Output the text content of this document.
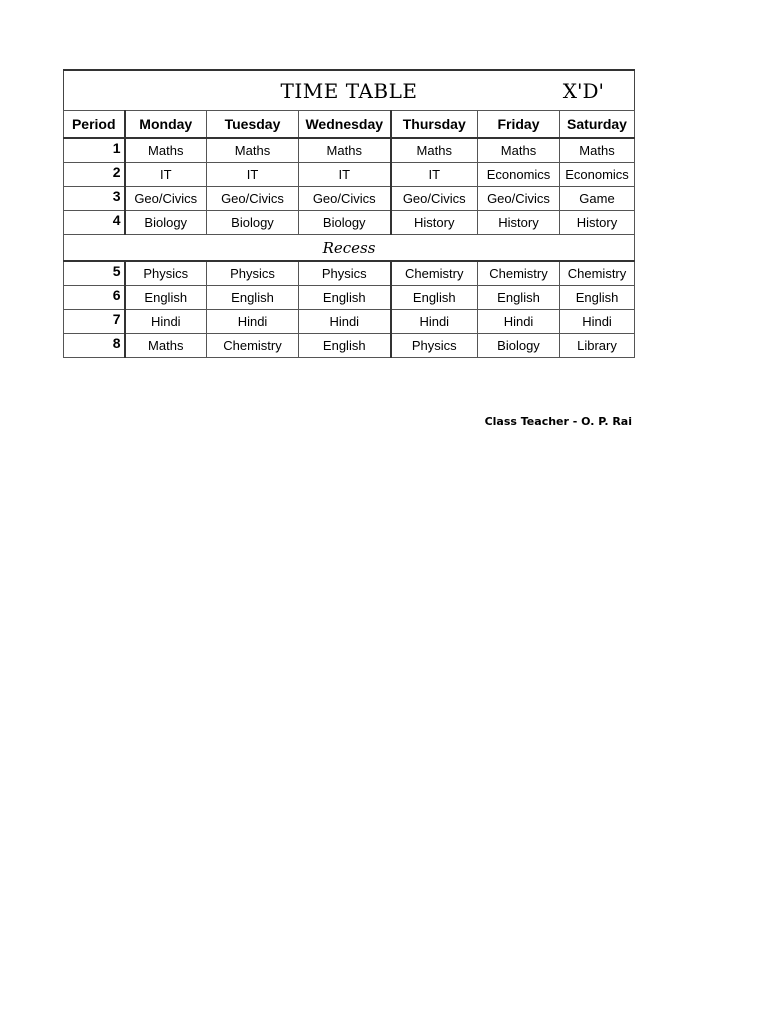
TIME TABLE X'D'						

Period	Monday	Tuesday	Wednesday	Thursday	Friday	Saturday
1	Maths	Maths	Maths	Maths	Maths	Maths
2	IT	IT	IT	IT	Economics	Economics
3	Geo/Civics	Geo/Civics	Geo/Civics	Geo/Civics	Geo/Civics	Game
4	Biology	Biology	Biology	History	History	History
Recess						
5	Physics	Physics	Physics	Chemistry	Chemistry	Chemistry
6	English	English	English	English	English	English
7	Hindi	Hindi	Hindi	Hindi	Hindi	Hindi
8	Maths	Chemistry	English	Physics	Biology	Library
Class Teacher - O. P. Rai
